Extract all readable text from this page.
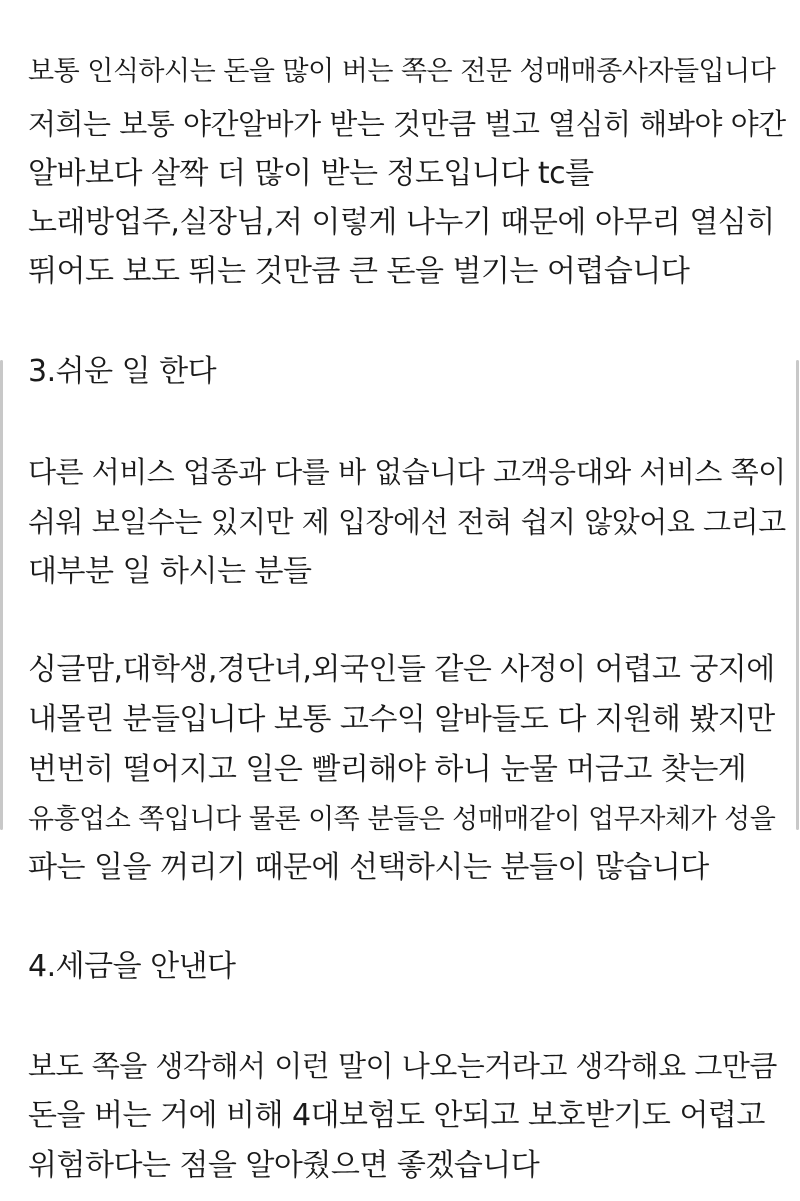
보통 인식하시는 돈을 많이 버는 쪽은 전문 성매매종사자들입니다
저희는 보통 야간알바가 받는 것만큼 벌고 열심히 해봐야 야간
알바보다 살짝 더 많이 받는 정도입니다 tc를
노래방업주,실장님,저 이렇게 나누기 때문에 아무리 열심히
뛰어도 보도 뛰는 것만큼 큰 돈을 벌기는 어렵습니다
3.쉬운 일 한다
다른 서비스 업종과 다를 바 없습니다 고객응대와 서비스 쪽이
쉬워 보일수는 있지만 제 입장에선 전혀 쉽지 않았어요 그리고
대부분 일 하시는 분들
싱글맘,대학생,경단녀,외국인들 같은 사정이 어렵고 궁지에
내몰린 분들입니다 보통 고수익 알바들도 다 지원해 봤지만
번번히 떨어지고 일은 빨리해야 하니 눈물 머금고 찾는게
유흥업소 쪽입니다 물론 이쪽 분들은 성매매같이 업무자체가 성을
파는 일을 꺼리기 때문에 선택하시는 분들이 많습니다
4.세금을 안낸다
보도 쪽을 생각해서 이런 말이 나오는거라고 생각해요 그만큼
돈을 버는 거에 비해 4대보험도 안되고 보호받기도 어렵고
위험하다는 점을 알아줬으면 좋겠습니다
